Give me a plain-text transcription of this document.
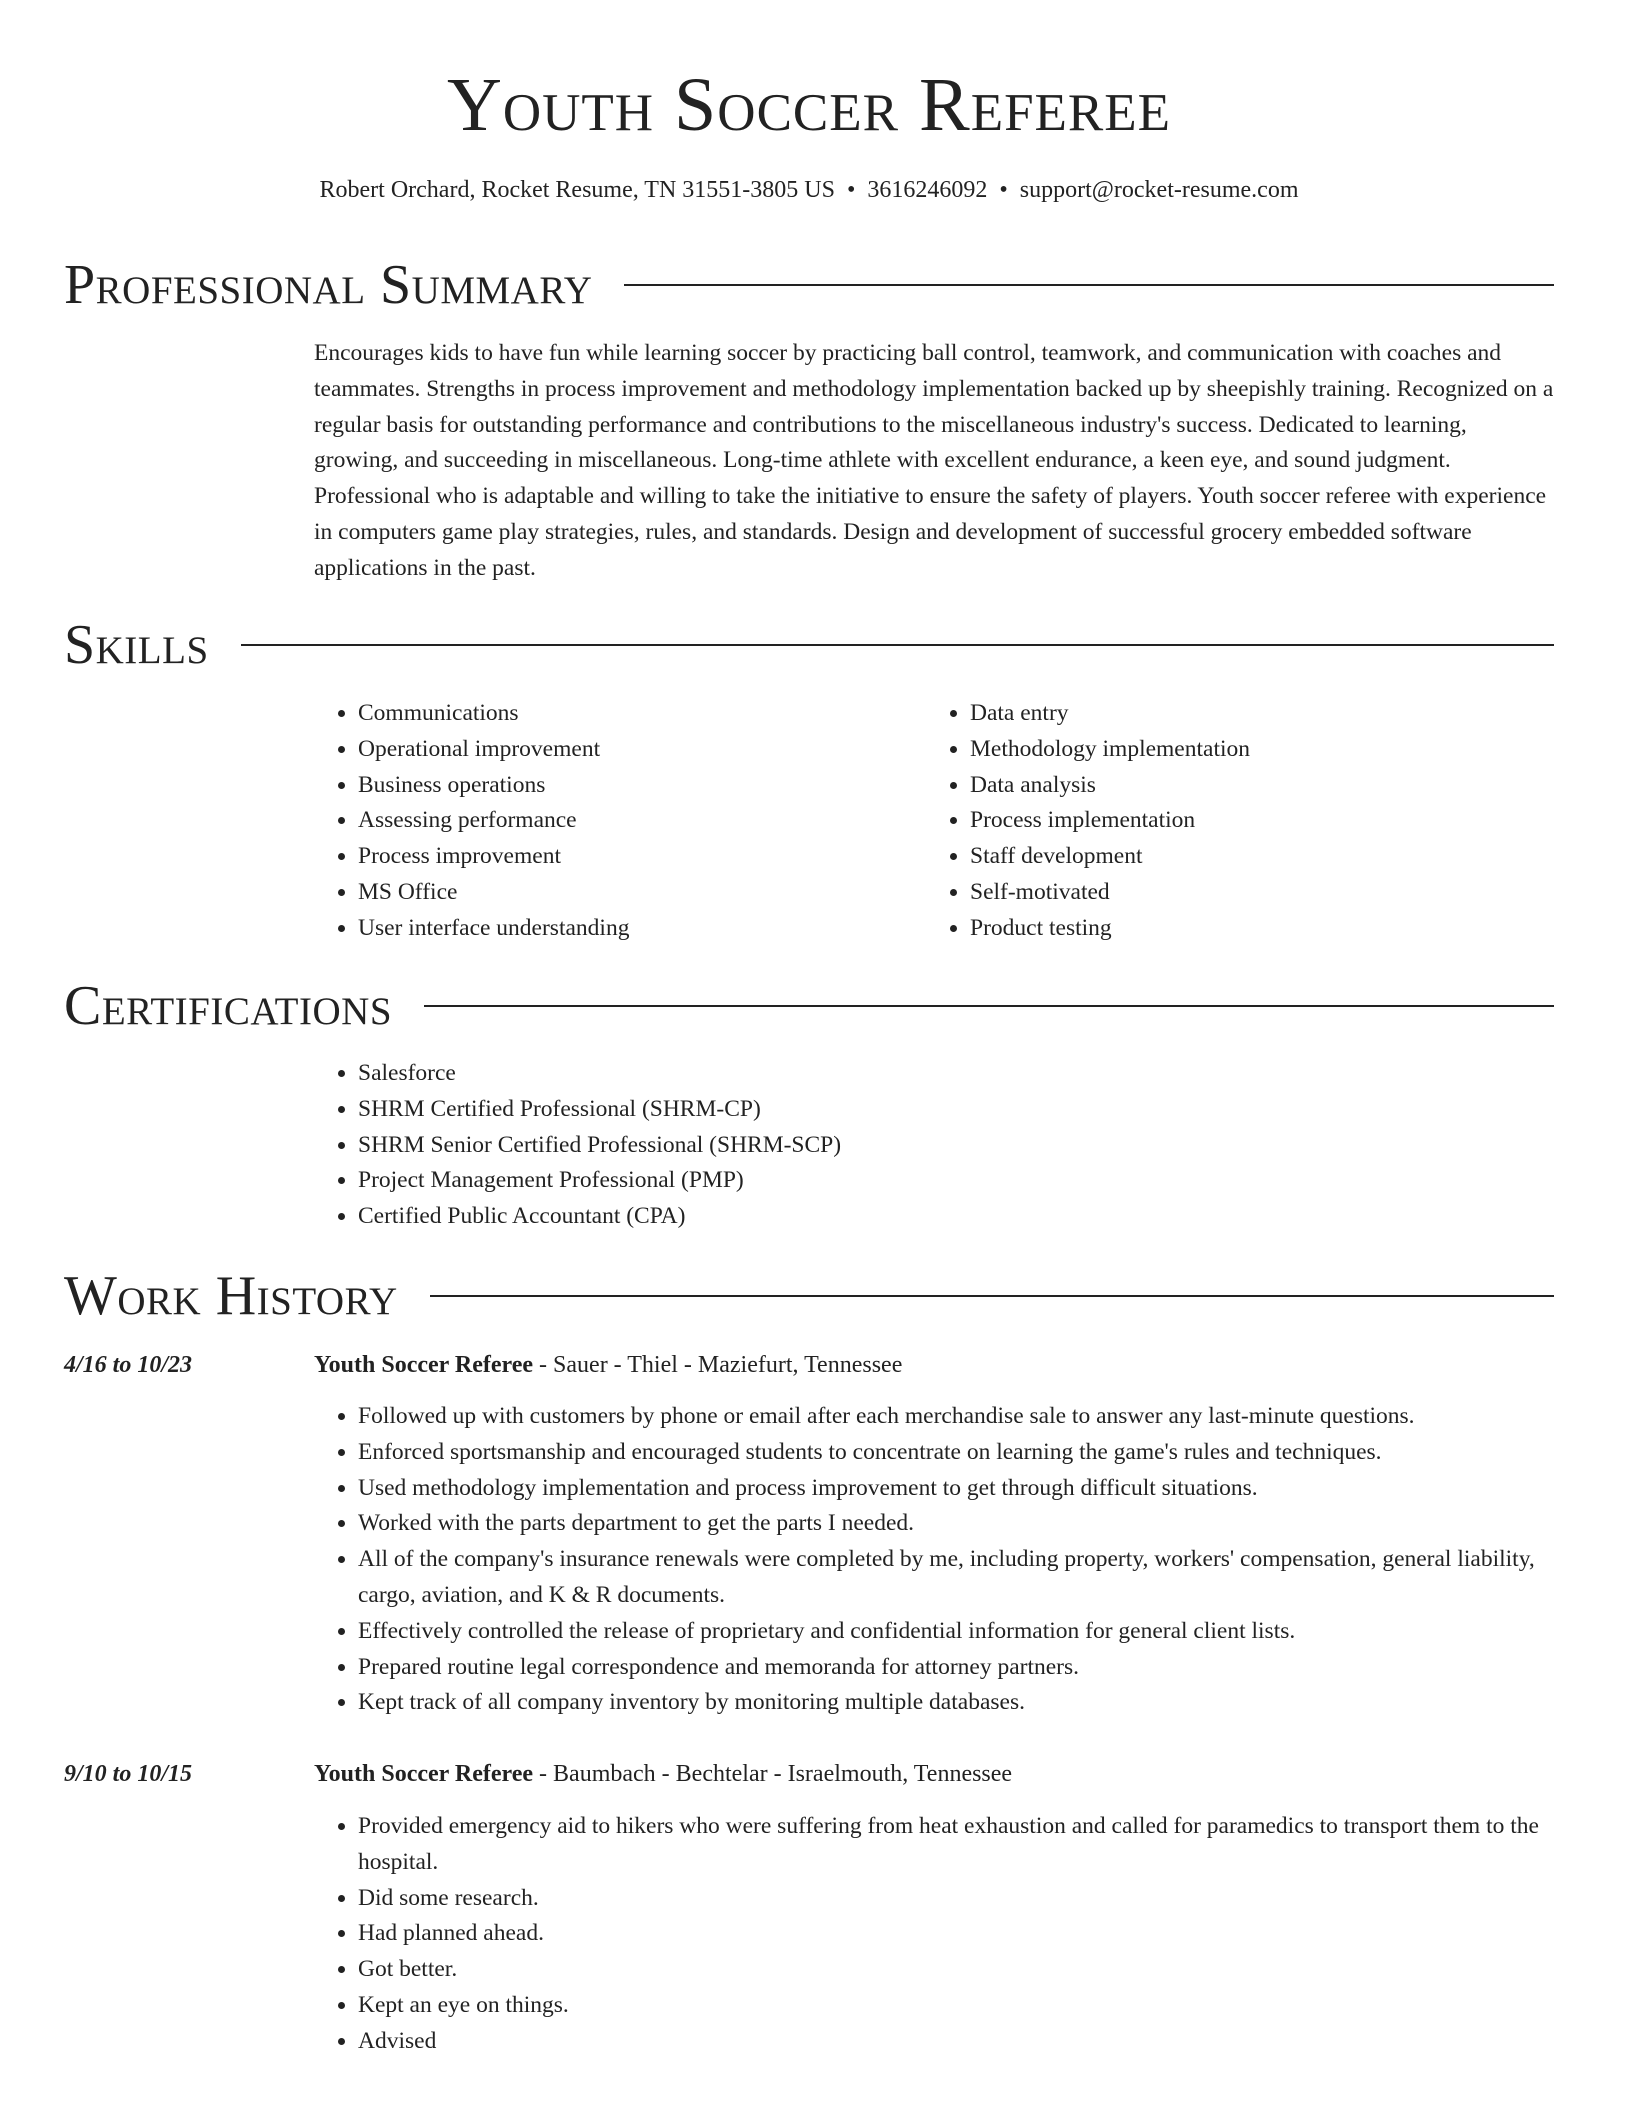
Youth Soccer Referee
Robert Orchard, Rocket Resume, TN 31551-3805 US • 3616246092 • support@rocket-resume.com
Professional Summary
Encourages kids to have fun while learning soccer by practicing ball control, teamwork, and communication with coaches and teammates. Strengths in process improvement and methodology implementation backed up by sheepishly training. Recognized on a regular basis for outstanding performance and contributions to the miscellaneous industry's success. Dedicated to learning, growing, and succeeding in miscellaneous. Long-time athlete with excellent endurance, a keen eye, and sound judgment. Professional who is adaptable and willing to take the initiative to ensure the safety of players. Youth soccer referee with experience in computers game play strategies, rules, and standards. Design and development of successful grocery embedded software applications in the past.
Skills
• Communications
• Operational improvement
• Business operations
• Assessing performance
• Process improvement
• MS Office
• User interface understanding
• Data entry
• Methodology implementation
• Data analysis
• Process implementation
• Staff development
• Self-motivated
• Product testing
Certifications
• Salesforce
• SHRM Certified Professional (SHRM-CP)
• SHRM Senior Certified Professional (SHRM-SCP)
• Project Management Professional (PMP)
• Certified Public Accountant (CPA)
Work History
4/16 to 10/23	Youth Soccer Referee - Sauer - Thiel - Maziefurt, Tennessee
• Followed up with customers by phone or email after each merchandise sale to answer any last-minute questions.
• Enforced sportsmanship and encouraged students to concentrate on learning the game's rules and techniques.
• Used methodology implementation and process improvement to get through difficult situations.
• Worked with the parts department to get the parts I needed.
• All of the company's insurance renewals were completed by me, including property, workers' compensation, general liability, cargo, aviation, and K & R documents.
• Effectively controlled the release of proprietary and confidential information for general client lists.
• Prepared routine legal correspondence and memoranda for attorney partners.
• Kept track of all company inventory by monitoring multiple databases.
9/10 to 10/15	Youth Soccer Referee - Baumbach - Bechtelar - Israelmouth, Tennessee
• Provided emergency aid to hikers who were suffering from heat exhaustion and called for paramedics to transport them to the hospital.
• Did some research.
• Had planned ahead.
• Got better.
• Kept an eye on things.
• Advised
